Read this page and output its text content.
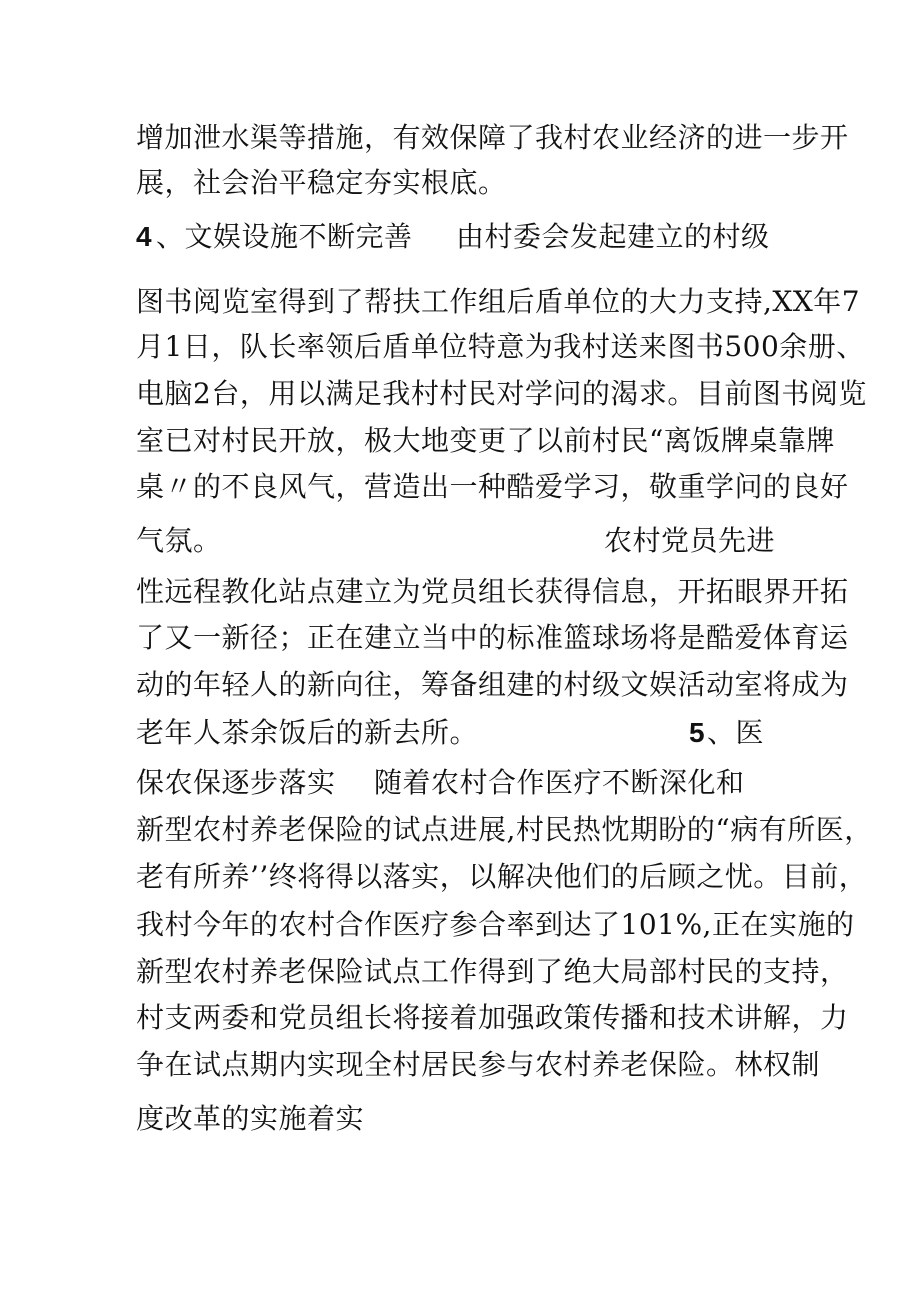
增加泄水渠等措施，有效保障了我村农业经济的进一步开
展，社会治平稳定夯实根底。
4 、文娱设施不断完善 由村委会发起建立的村级
图书阅览室得到了帮扶工作组后盾单位的大力支持,XX年7
月1日，队长率领后盾单位特意为我村送来图书500余册、
电脑2台，用以满足我村村民对学问的渴求。目前图书阅览
室已对村民开放，极大地变更了以前村民“离饭牌桌靠牌
桌〃的不良风气，营造出一种酷爱学习，敬重学问的良好
气氛。	农村党员先进
性远程教化站点建立为党员组长获得信息，开拓眼界开拓
了又一新径；正在建立当中的标准篮球场将是酷爱体育运
动的年轻人的新向往，筹备组建的村级文娱活动室将成为
老年人茶余饭后的新去所。	5 、医
保农保逐步落实 随着农村合作医疗不断深化和
新型农村养老保险的试点进展,村民热忱期盼的“病有所医，
老有所养’’终将得以落实，以解决他们的后顾之忧。目前，
我村今年的农村合作医疗参合率到达了101%,正在实施的
新型农村养老保险试点工作得到了绝大局部村民的支持，
村支两委和党员组长将接着加强政策传播和技术讲解，力
争在试点期内实现全村居民参与农村养老保险。林权制
度改革的实施着实
